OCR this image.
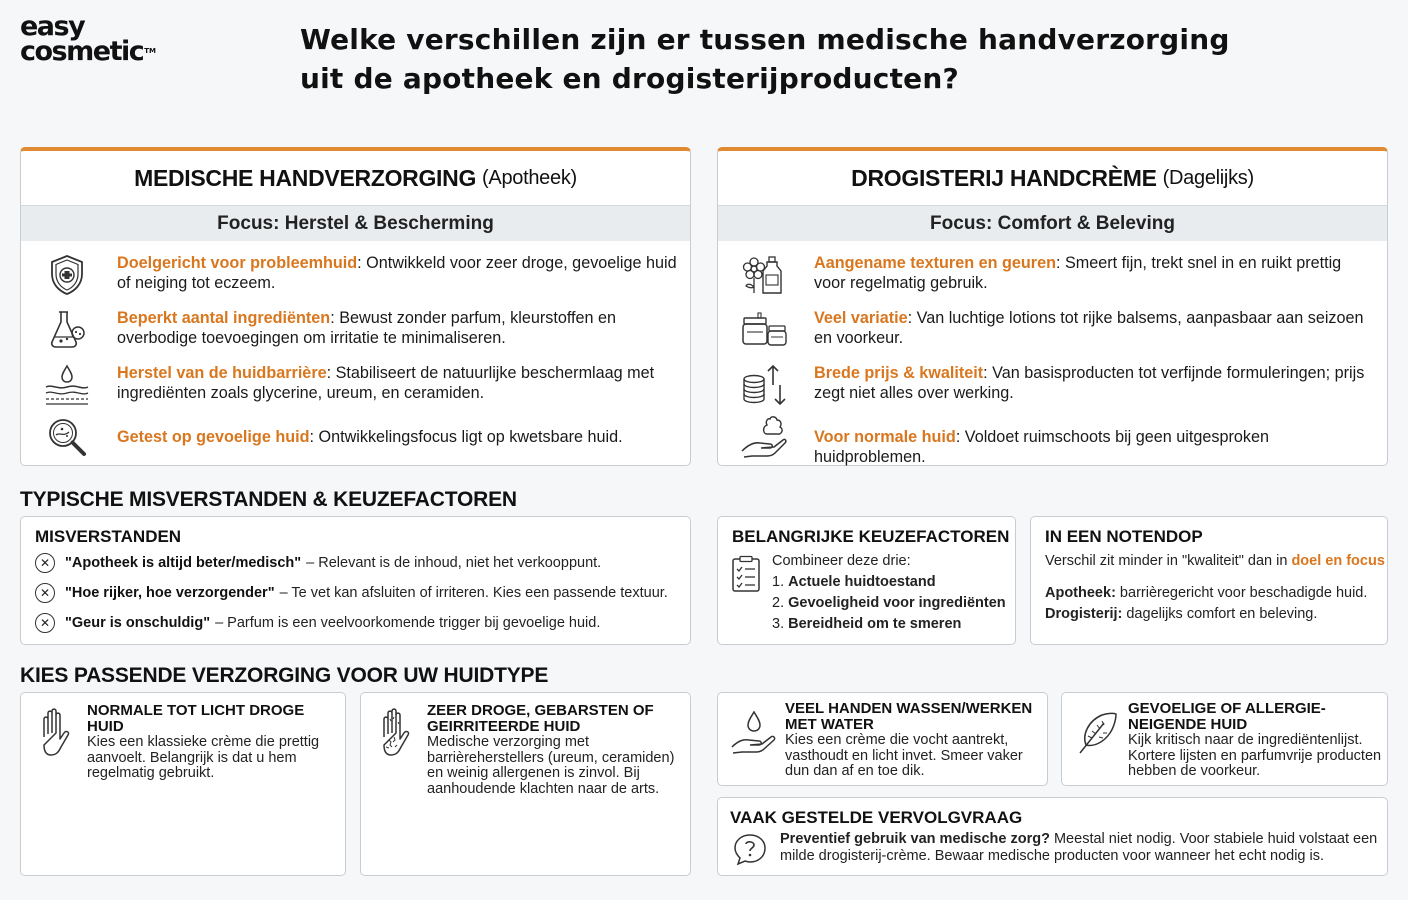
easy
cosmetic™	Welke verschillen zijn er tussen medische handverzorging
uit de apotheek en drogisterijproducten?
MEDISCHE HANDVERZORGING (Apotheek)
Focus: Herstel & Bescherming
Doelgericht voor probleemhuid: Ontwikkeld voor zeer droge, gevoelige huid of neiging tot eczeem.
Beperkt aantal ingrediënten: Bewust zonder parfum, kleurstoffen en overbodige toevoegingen om irritatie te minimaliseren.
Herstel van de huidbarrière: Stabiliseert de natuurlijke beschermlaag met ingrediënten zoals glycerine, ureum, en ceramiden.
Getest op gevoelige huid: Ontwikkelingsfocus ligt op kwetsbare huid.
DROGISTERIJ HANDCRÈME (Dagelijks)
Focus: Comfort & Beleving
Aangename texturen en geuren: Smeert fijn, trekt snel in en ruikt prettig voor regelmatig gebruik.
Veel variatie: Van luchtige lotions tot rijke balsems, aanpasbaar aan seizoen en voorkeur.
Brede prijs & kwaliteit: Van basisproducten tot verfijnde formuleringen; prijs zegt niet alles over werking.
Voor normale huid: Voldoet ruimschoots bij geen uitgesproken huidproblemen.
TYPISCHE MISVERSTANDEN & KEUZEFACTOREN
MISVERSTANDEN
✕	"Apotheek is altijd beter/medisch" – Relevant is de inhoud, niet het verkooppunt.
✕	"Hoe rijker, hoe verzorgender" – Te vet kan afsluiten of irriteren. Kies een passende textuur.
✕	"Geur is onschuldig" – Parfum is een veelvoorkomende trigger bij gevoelige huid.
BELANGRIJKE KEUZEFACTOREN
Combineer deze drie:
1. Actuele huidtoestand
2. Gevoeligheid voor ingrediënten
3. Bereidheid om te smeren
IN EEN NOTENDOP
Verschil zit minder in "kwaliteit" dan in doel en focus
Apotheek: barrièregericht voor beschadigde huid.
Drogisterij: dagelijks comfort en beleving.
KIES PASSENDE VERZORGING VOOR UW HUIDTYPE
NORMALE TOT LICHT DROGE HUID
Kies een klassieke crème die prettig aanvoelt. Belangrijk is dat u hem regelmatig gebruikt.
ZEER DROGE, GEBARSTEN OF GEIRRITEERDE HUID
Medische verzorging met barrièreherstellers (ureum, ceramiden) en weinig allergenen is zinvol. Bij aanhoudende klachten naar de arts.
VEEL HANDEN WASSEN/WERKEN MET WATER
Kies een crème die vocht aantrekt, vasthoudt en licht invet. Smeer vaker dun dan af en toe dik.
GEVOELIGE OF ALLERGIE-NEIGENDE HUID
Kijk kritisch naar de ingrediëntenlijst. Kortere lijsten en parfumvrije producten hebben de voorkeur.
VAAK GESTELDE VERVOLGVRAAG
Preventief gebruik van medische zorg? Meestal niet nodig. Voor stabiele huid volstaat een milde drogisterij-crème. Bewaar medische producten voor wanneer het echt nodig is.
